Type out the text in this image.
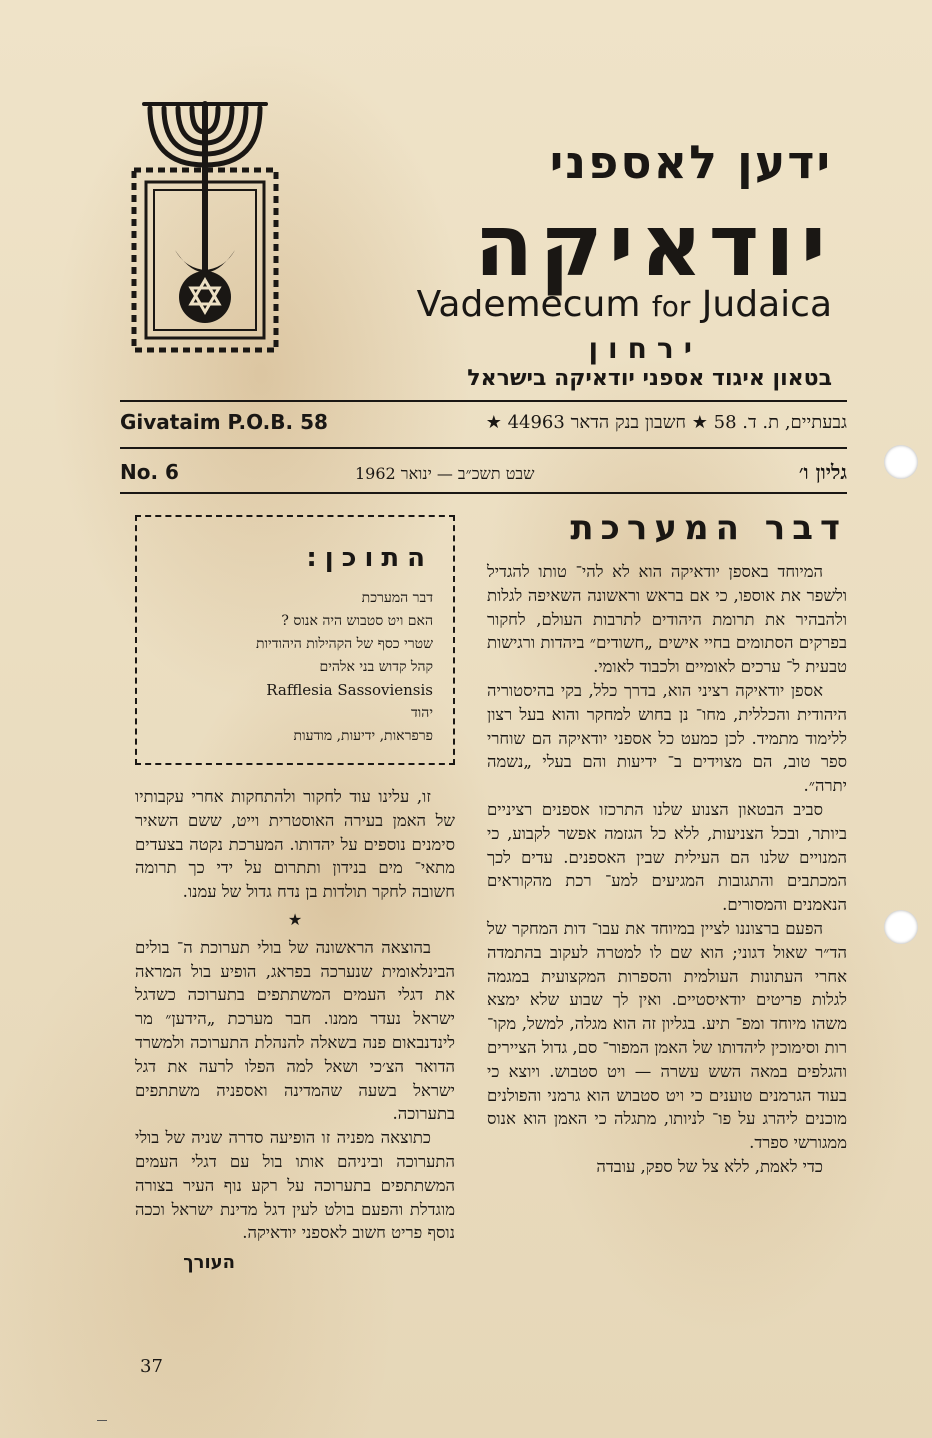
ידען לאספני
יודאיקה
Vademecum for Judaica
ירחון
בטאון איגוד אספני יודאיקה בישראל
Givataim P.O.B. 58	גבעתיים, ת. ד. 58 ★ חשבון בנק הדאר 44963 ★
No. 6	שבט תשכ״ב — ינואר 1962	גליון ו׳
דבר המערכת

המיוחד באספן יודאיקה הוא לא להי־ טותו להגדיל ולשפר את אוספו, כי אם בראש וראשונה השאיפה לגלות ולהבהיר את תרומת היהודים לתרבות העולם, לחקור בפרקים הסתומים בחיי אישים „חשודים״ ביהדות ורגישות טבעית ל־ ערכים לאומיים ולכבוד לאומי.

אספן יודאיקה רציני הוא, בדרך כלל, בקי בהיסטוריה היהודית והכללית, מחו־ נן בחוש למחקר והוא בעל רצון ללימוד מתמיד. לכן כמעט כל אספני יודאיקה הם שוחרי ספר טוב, הם מצוידים ב־ ידיעות והם בעלי „נשמה יתרה״.

סביב הבטאון הצנוע שלנו התרכזו אספנים רציניים ביותר, ובכל הצניעות, ללא כל הגזמה אפשר לקבוע, כי המנויים שלנו הם העילית שבין האספנים. עדים לכך המכתבים והתגובות המגיעים למע־ רכת מהקוראים הנאמנים והמסורים.

הפעם ברצוננו לציין במיוחד את עבו־ דות המחקר של הד״ר שאול דגוני; הוא שם לו למטרה לעקוב בהתמדה אחרי העתונות העולמית והספרות המקצועית במגמה לגלות פריטים יודאיסטיים. ואין לך שבוע שלא ימצא משהו מיוחד ומפ־ תיע. בגליון זה הוא מגלה, למשל, מקו־ רות וסימוכין ליהדותו של האמן המפור־ סם, גדול הציירים והגלפים במאה השש עשרה — ויט סטבוש. ויוצא כי בעוד הגרמנים טוענים כי ויט סטבוש הוא גרמני והפולנים מוכנים ליהרג על פו־ לניותו, מתגלה כי האמן הוא אנוס ממגורשי ספרד.

כדי לאמת, ללא צל של ספק, עובדה

התוכן:
דבר המערכת
האם ויט סטבוש היה אנוס ?
שטרי כסף של הקהילות היהודיות
קהל קדוש בני אלהים
Rafflesia Sassoviensis
יהוד
פרפראות, ידיעות, מודעות

זו, עלינו עוד לחקור ולהתחקות אחרי עקבותיו של האמן בעירה האוסטרית וייט, ששם השאיר סימנים נוספים על יהדותו. המערכת נקטה בצעדים מתאי־ מים בנידון ותתרום על ידי כך תרומה חשובה לחקר תולדות בן נדח גדול של עמנו.

★

בהוצאה הראשונה של בולי תערוכת ה־ בולים הבינלאומית שנערכה בפראג, הופיע בול המראה את דגלי העמים המשתתפים בתערוכה כשדגל ישראל נעדר ממנו. חבר מערכת „הידען״ מר לינדנבאום פנה בשאלה להנהלת התערוכה ולמשרד הדואר הצ׳כי ושאל למה הפלו לרעה את דגל ישראל בשעה שהמדינה ואספניה משתתפים בתערוכה.

כתוצאה מפניה זו הופיעה סדרה שניה של בולי התערוכה וביניהם אותו בול עם דגלי העמים המשתתפים בתערוכה על רקע נוף העיר בצורה מוגדלת והפעם בולט לעין דגל מדינת ישראל וככה נוסף פריט חשוב לאספני יודאיקה.

העורך
37
